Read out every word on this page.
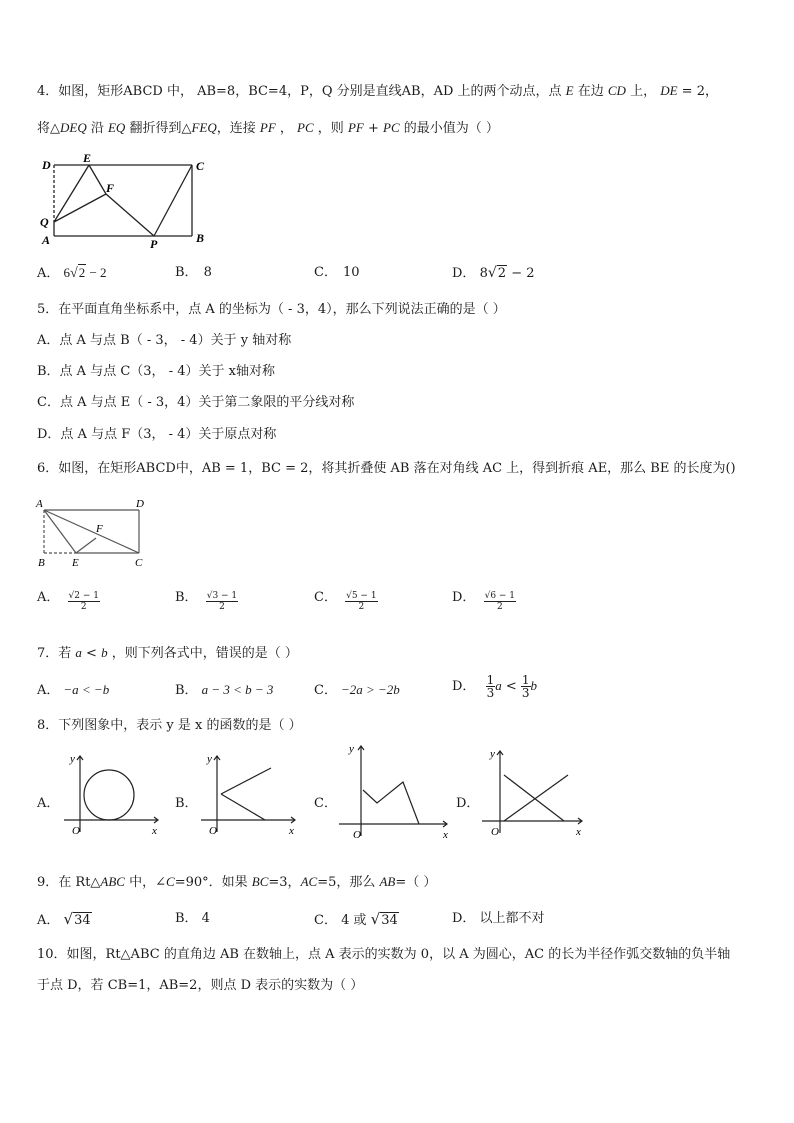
4．如图，矩形ABCD 中， AB=8，BC=4，P，Q 分别是直线AB，AD 上的两个动点，点 E 在边 CD 上， DE = 2，
将△DEQ 沿 EQ 翻折得到△FEQ，连接 PF ， PC ，则 PF + PC 的最小值为（ ）
D	E
C
F
Q
A	P	B
A． 6√2 − 2	B． 8	C． 10	D． 8√2 − 2
5．在平面直角坐标系中，点 A 的坐标为（ - 3，4），那么下列说法正确的是（ ）
A．点 A 与点 B（ - 3， - 4）关于 y 轴对称
B．点 A 与点 C（3， - 4）关于 x轴对称
C．点 A 与点 E（ - 3，4）关于第二象限的平分线对称
D．点 A 与点 F（3， - 4）关于原点对称
6．如图，在矩形ABCD中，AB = 1，BC = 2，将其折叠使 AB 落在对角线 AC 上，得到折痕 AE，那么 BE 的长度为()
A	D
F
B E	C
A． $\frac{√2 - 1}{2}$	B． $\frac{√3 - 1}{2}$	C． $\frac{√5 - 1}{2}$	D． $\frac{√6 - 1}{2}$
7．若 a < b ，则下列各式中，错误的是（ ）
A． −a < −b	B． a − 3 < b − 3	C． −2a > −2b	D． $\frac{1}{3}a < \frac{1}{3}b$
8．下列图象中，表示 y 是 x 的函数的是（ ）
A．
y
O	x
B．
y
O	x
C．
y
O	x
D．
y
O	x
9．在 Rt△ABC 中，∠C=90°．如果 BC=3，AC=5，那么 AB=（ ）
A． √34	B． 4	C． 4 或 √34	D． 以上都不对
10．如图，Rt△ABC 的直角边 AB 在数轴上，点 A 表示的实数为 0，以 A 为圆心，AC 的长为半径作弧交数轴的负半轴
于点 D，若 CB=1，AB=2，则点 D 表示的实数为（ ）
